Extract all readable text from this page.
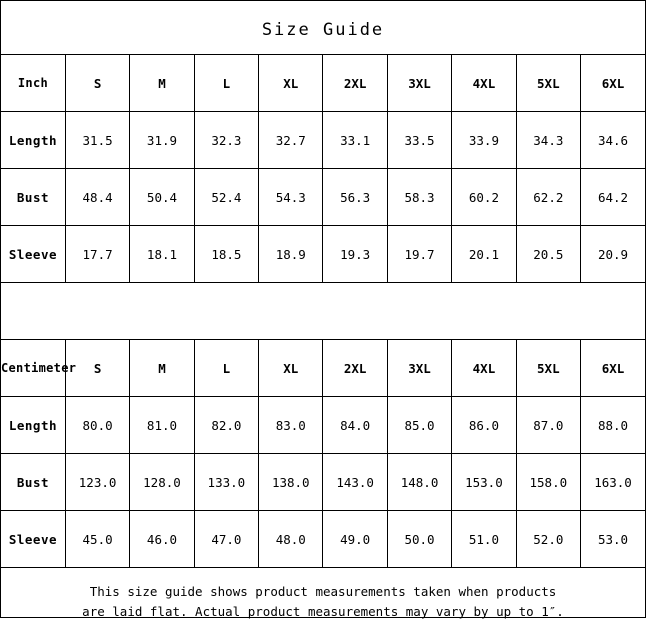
Size Guide
Inch	S	M	L	XL	2XL	3XL	4XL	5XL	6XL
Length	31.5	31.9	32.3	32.7	33.1	33.5	33.9	34.3	34.6
Bust	48.4	50.4	52.4	54.3	56.3	58.3	60.2	62.2	64.2
Sleeve	17.7	18.1	18.5	18.9	19.3	19.7	20.1	20.5	20.9
Centimeter	S	M	L	XL	2XL	3XL	4XL	5XL	6XL
Length	80.0	81.0	82.0	83.0	84.0	85.0	86.0	87.0	88.0
Bust	123.0	128.0	133.0	138.0	143.0	148.0	153.0	158.0	163.0
Sleeve	45.0	46.0	47.0	48.0	49.0	50.0	51.0	52.0	53.0
This size guide shows product measurements taken when products
are laid flat. Actual product measurements may vary by up to 1″.
